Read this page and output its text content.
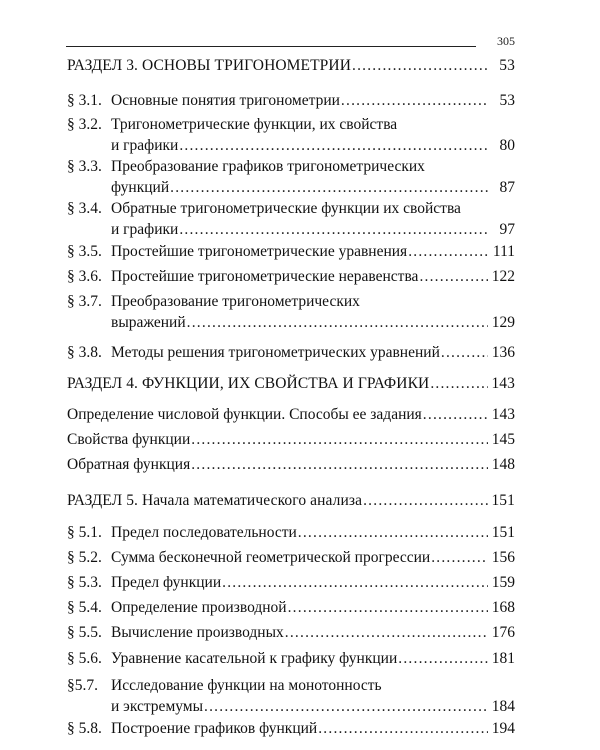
305
РАЗДЕЛ 3. ОСНОВЫ ТРИГОНОМЕТРИИ .....	53
§ 3.1. Основные понятия тригонометрии .....	53
§ 3.2. Тригонометрические функции, их свойства
и графики .....	80
§ 3.3. Преобразование графиков тригонометрических
функций .....	87
§ 3.4. Обратные тригонометрические функции их свойства
и графики .....	97
§ 3.5. Простейшие тригонометрические уравнения .....	111
§ 3.6. Простейшие тригонометрические неравенства .....	122
§ 3.7. Преобразование тригонометрических
выражений .....	129
§ 3.8. Методы решения тригонометрических уравнений .....	136
РАЗДЕЛ 4. ФУНКЦИИ, ИХ СВОЙСТВА И ГРАФИКИ .....	143
Определение числовой функции. Способы ее задания .....	143
Свойства функции .....	145
Обратная функция .....	148
РАЗДЕЛ 5. Начала математического анализа .....	151
§ 5.1. Предел последовательности .....	151
§ 5.2. Сумма бесконечной геометрической прогрессии .....	156
§ 5.3. Предел функции .....	159
§ 5.4. Определение производной .....	168
§ 5.5. Вычисление производных .....	176
§ 5.6. Уравнение касательной к графику функции .....	181
§5.7. Исследование функции на монотонность
и экстремумы .....	184
§ 5.8. Построение графиков функций .....	194
